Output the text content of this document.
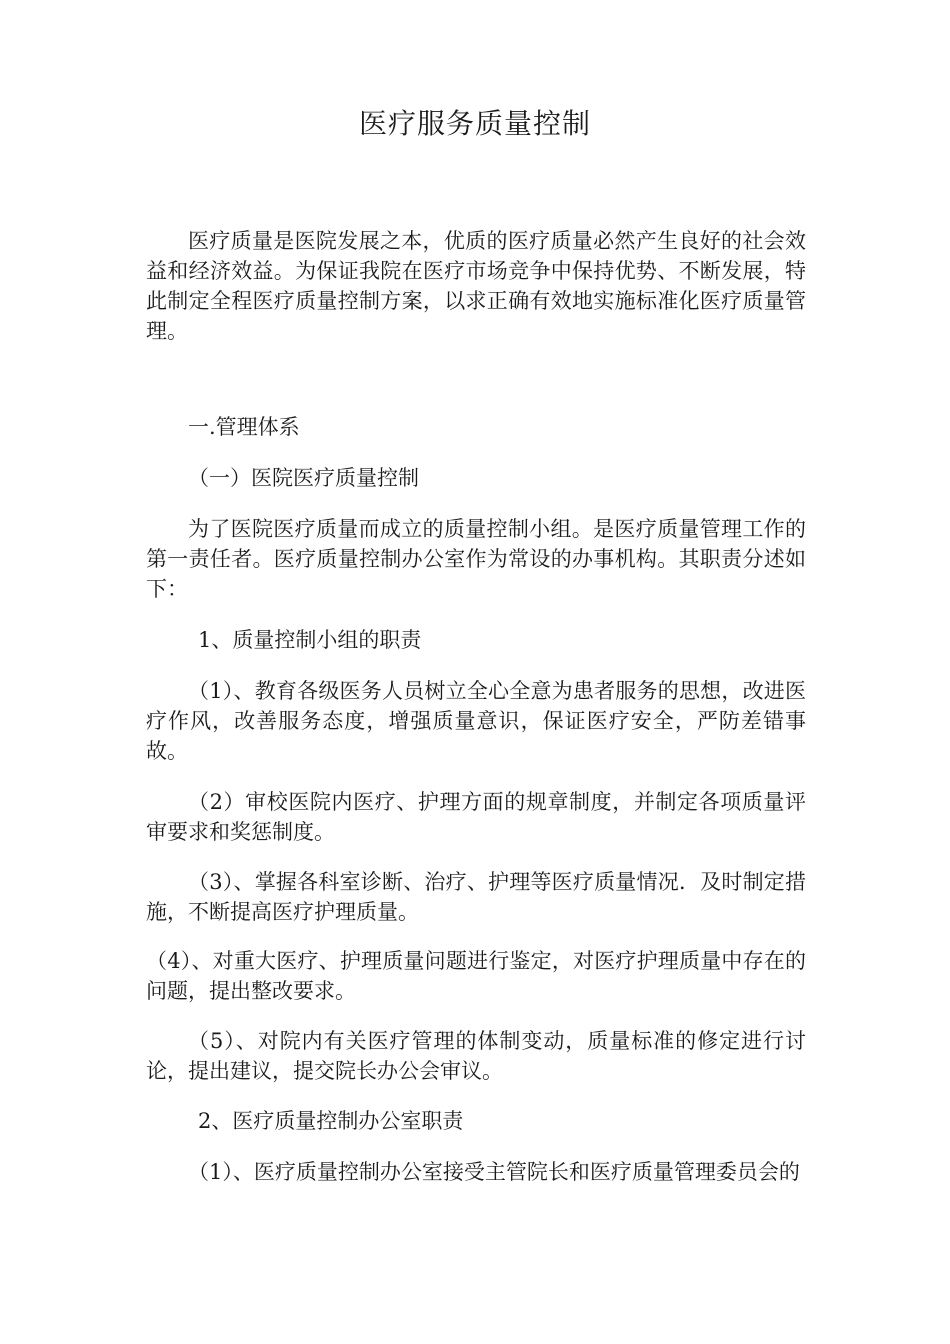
医疗服务质量控制

医疗质量是医院发展之本，优质的医疗质量必然产生良好的社会效益和经济效益。为保证我院在医疗市场竞争中保持优势、不断发展，特此制定全程医疗质量控制方案，以求正确有效地实施标准化医疗质量管理。

一.管理体系

（一）医院医疗质量控制

为了医院医疗质量而成立的质量控制小组。是医疗质量管理工作的第一责任者。医疗质量控制办公室作为常设的办事机构。其职责分述如下：

1、质量控制小组的职责

（1）、教育各级医务人员树立全心全意为患者服务的思想，改进医疗作风，改善服务态度，增强质量意识，保证医疗安全，严防差错事故。

（2）审校医院内医疗、护理方面的规章制度，并制定各项质量评审要求和奖惩制度。

（3）、掌握各科室诊断、治疗、护理等医疗质量情况．及时制定措施，不断提高医疗护理质量。

（4）、对重大医疗、护理质量问题进行鉴定，对医疗护理质量中存在的问题，提出整改要求。

（5）、对院内有关医疗管理的体制变动，质量标准的修定进行讨论，提出建议，提交院长办公会审议。

2、医疗质量控制办公室职责

（1）、医疗质量控制办公室接受主管院长和医疗质量管理委员会的
